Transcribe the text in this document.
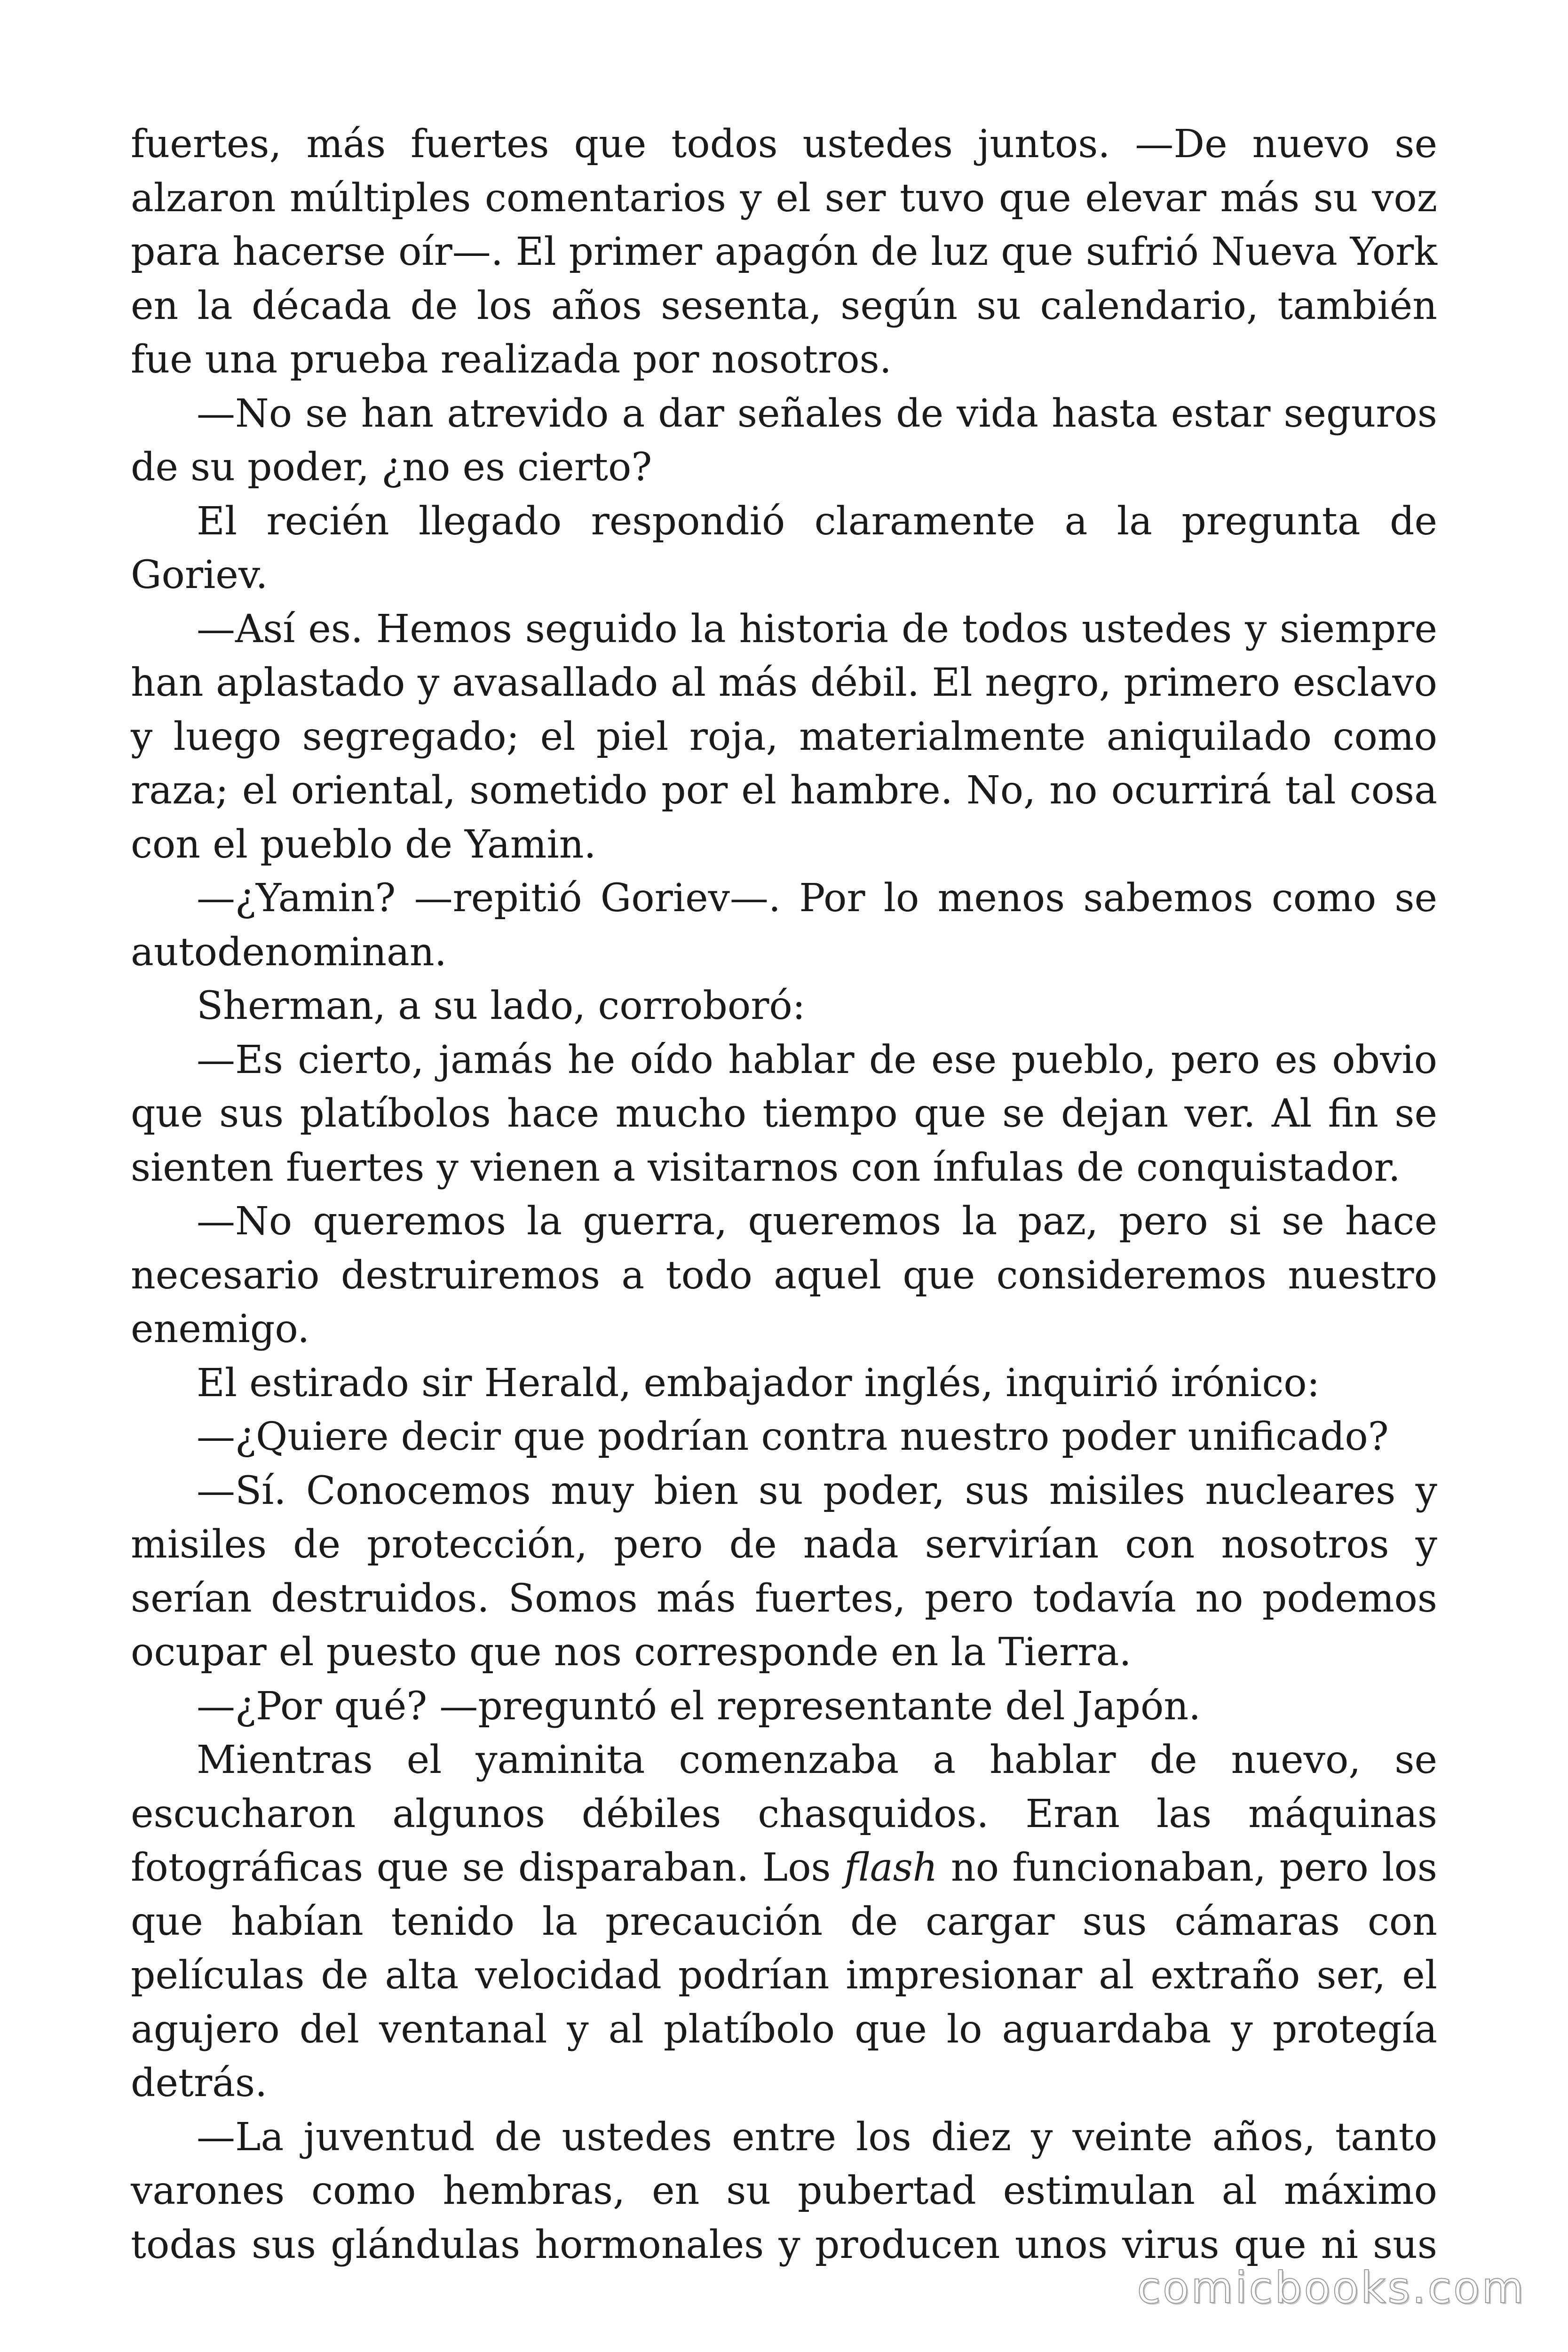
fuertes, más fuertes que todos ustedes juntos. —De nuevo se alzaron múltiples comentarios y el ser tuvo que elevar más su voz para hacerse oír—. El primer apagón de luz que sufrió Nueva York en la década de los años sesenta, según su calendario, también fue una prueba realizada por nosotros.

—No se han atrevido a dar señales de vida hasta estar seguros de su poder, ¿no es cierto?

El recién llegado respondió claramente a la pregunta de Goriev.

—Así es. Hemos seguido la historia de todos ustedes y siempre han aplastado y avasallado al más débil. El negro, primero esclavo y luego segregado; el piel roja, materialmente aniquilado como raza; el oriental, sometido por el hambre. No, no ocurrirá tal cosa con el pueblo de Yamin.

—¿Yamin? —repitió Goriev—. Por lo menos sabemos como se autodenominan.

Sherman, a su lado, corroboró:

—Es cierto, jamás he oído hablar de ese pueblo, pero es obvio que sus platíbolos hace mucho tiempo que se dejan ver. Al fin se sienten fuertes y vienen a visitarnos con ínfulas de conquistador.

—No queremos la guerra, queremos la paz, pero si se hace necesario destruiremos a todo aquel que consideremos nuestro enemigo.

El estirado sir Herald, embajador inglés, inquirió irónico:

—¿Quiere decir que podrían contra nuestro poder unificado?

—Sí. Conocemos muy bien su poder, sus misiles nucleares y misiles de protección, pero de nada servirían con nosotros y serían destruidos. Somos más fuertes, pero todavía no podemos ocupar el puesto que nos corresponde en la Tierra.

—¿Por qué? —preguntó el representante del Japón.

Mientras el yaminita comenzaba a hablar de nuevo, se escucharon algunos débiles chasquidos. Eran las máquinas fotográficas que se disparaban. Los flash no funcionaban, pero los que habían tenido la precaución de cargar sus cámaras con películas de alta velocidad podrían impresionar al extraño ser, el agujero del ventanal y al platíbolo que lo aguardaba y protegía detrás.

—La juventud de ustedes entre los diez y veinte años, tanto varones como hembras, en su pubertad estimulan al máximo todas sus glándulas hormonales y producen unos virus que ni sus

comicbooks.com
